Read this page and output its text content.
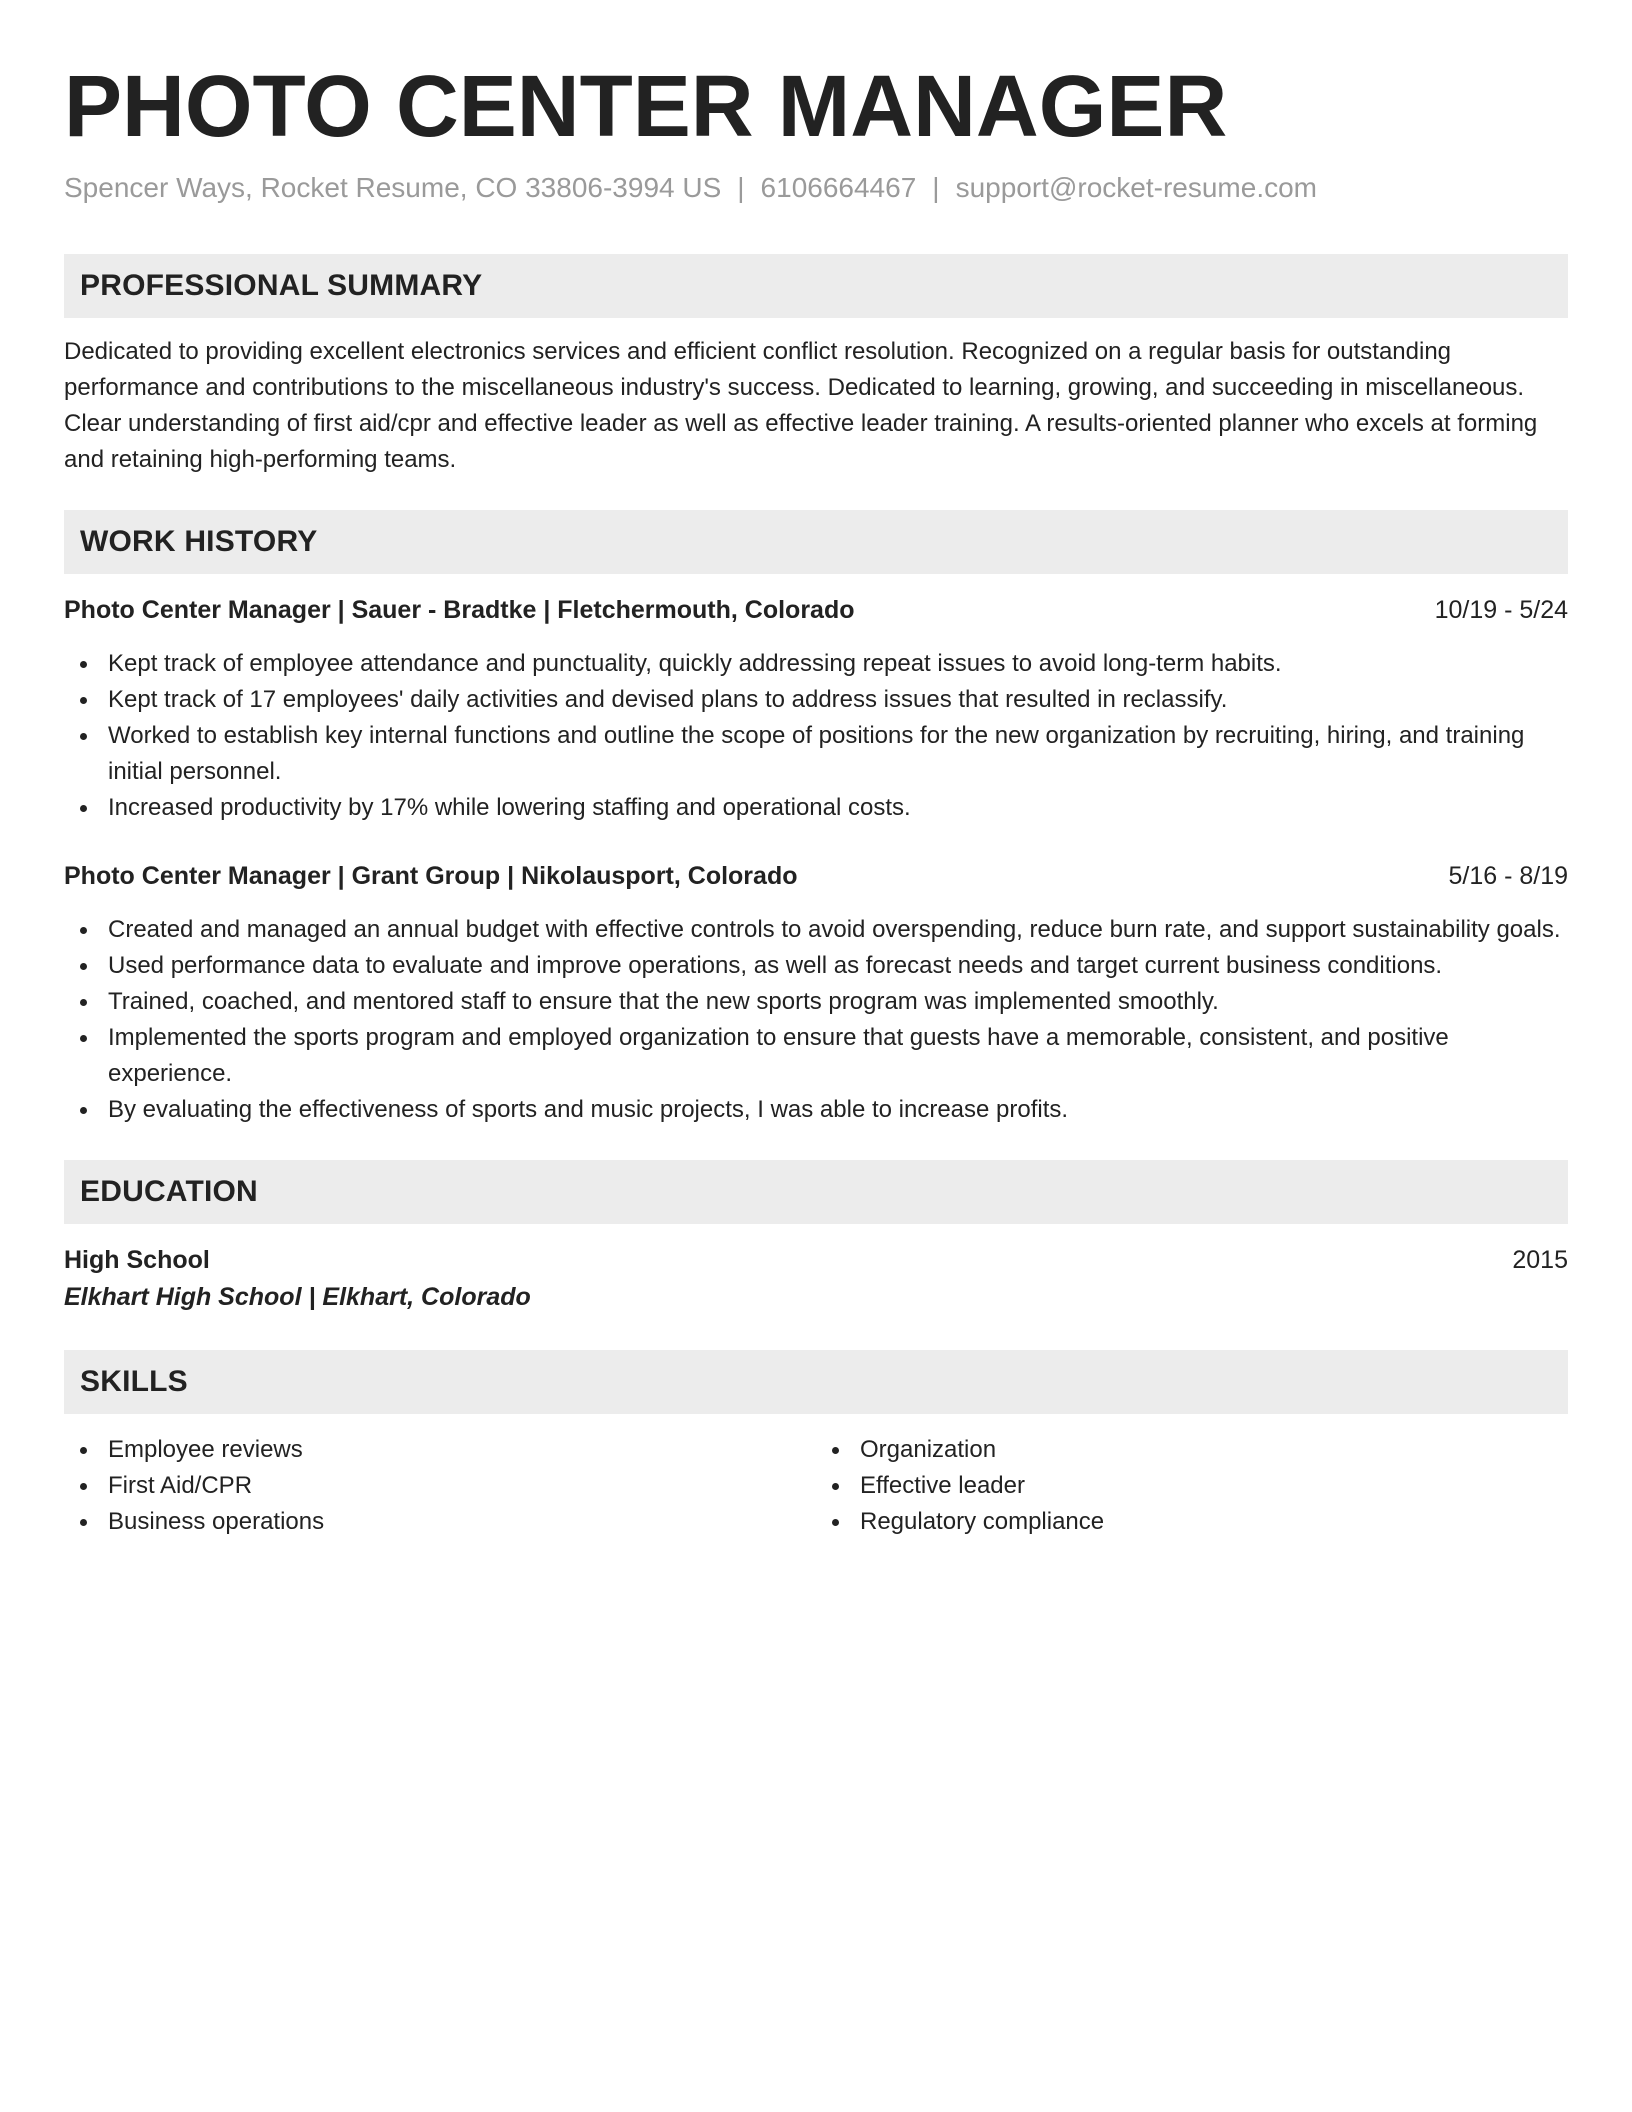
PHOTO CENTER MANAGER
Spencer Ways, Rocket Resume, CO 33806-3994 US | 6106664467 | support@rocket-resume.com
PROFESSIONAL SUMMARY
Dedicated to providing excellent electronics services and efficient conflict resolution. Recognized on a regular basis for outstanding performance and contributions to the miscellaneous industry's success. Dedicated to learning, growing, and succeeding in miscellaneous. Clear understanding of first aid/cpr and effective leader as well as effective leader training. A results-oriented planner who excels at forming and retaining high-performing teams.
WORK HISTORY
Photo Center Manager | Sauer - Bradtke | Fletchermouth, Colorado	10/19 - 5/24
Kept track of employee attendance and punctuality, quickly addressing repeat issues to avoid long-term habits.
Kept track of 17 employees' daily activities and devised plans to address issues that resulted in reclassify.
Worked to establish key internal functions and outline the scope of positions for the new organization by recruiting, hiring, and training initial personnel.
Increased productivity by 17% while lowering staffing and operational costs.
Photo Center Manager | Grant Group | Nikolausport, Colorado	5/16 - 8/19
Created and managed an annual budget with effective controls to avoid overspending, reduce burn rate, and support sustainability goals.
Used performance data to evaluate and improve operations, as well as forecast needs and target current business conditions.
Trained, coached, and mentored staff to ensure that the new sports program was implemented smoothly.
Implemented the sports program and employed organization to ensure that guests have a memorable, consistent, and positive experience.
By evaluating the effectiveness of sports and music projects, I was able to increase profits.
EDUCATION
High School	2015
Elkhart High School | Elkhart, Colorado
SKILLS
Employee reviews
First Aid/CPR
Business operations
Organization
Effective leader
Regulatory compliance
